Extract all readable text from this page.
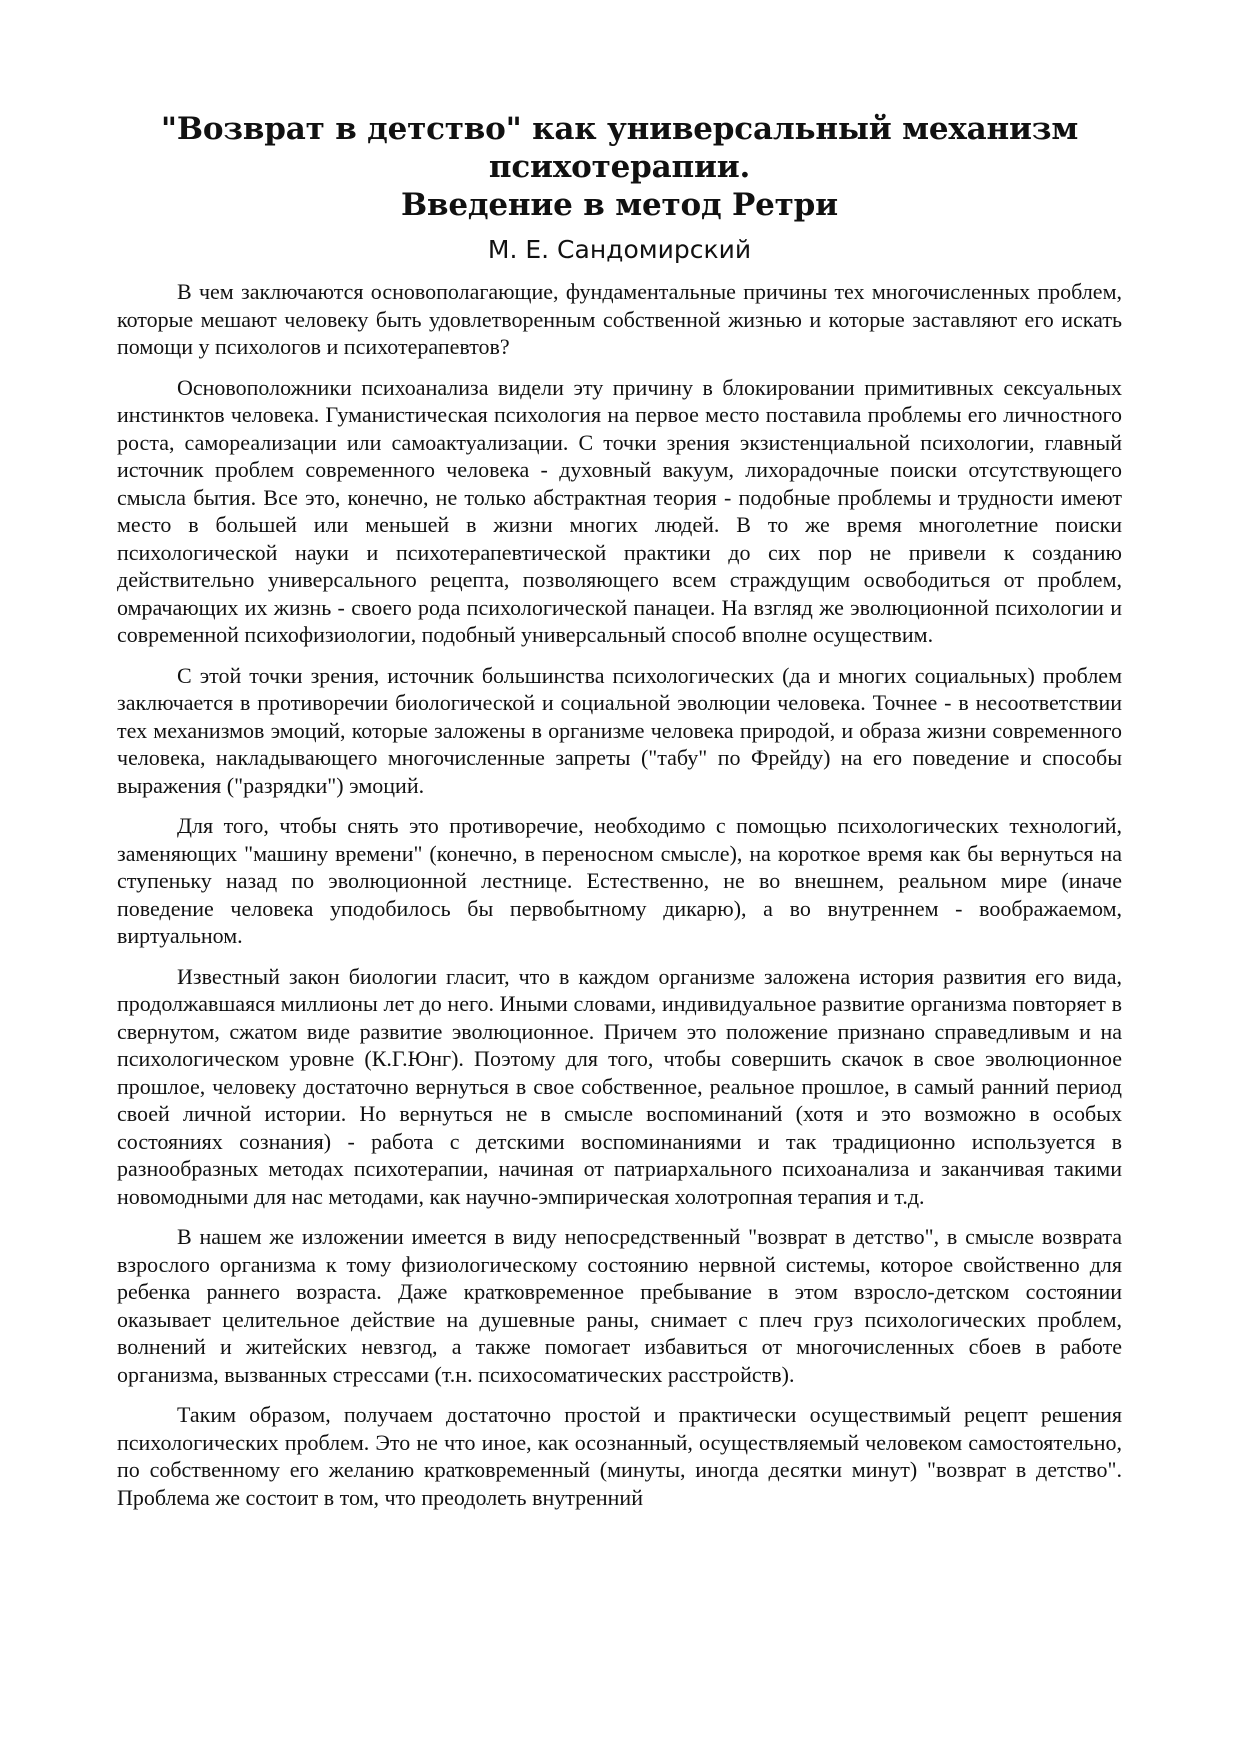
"Возврат в детство" как универсальный механизм психотерапии.
Введение в метод Ретри
М. Е. Сандомирский

В чем заключаются основополагающие, фундаментальные причины тех многочисленных проблем, которые мешают человеку быть удовлетворенным собственной жизнью и которые заставляют его искать помощи у психологов и психотерапевтов?

Основоположники психоанализа видели эту причину в блокировании примитивных сексуальных инстинктов человека. Гуманистическая психология на первое место поставила проблемы его личностного роста, самореализации или самоактуализации. С точки зрения экзистенциальной психологии, главный источник проблем современного человека - духовный вакуум, лихорадочные поиски отсутствующего смысла бытия. Все это, конечно, не только абстрактная теория - подобные проблемы и трудности имеют место в большей или меньшей в жизни многих людей. В то же время многолетние поиски психологической науки и психотерапевтической практики до сих пор не привели к созданию действительно универсального рецепта, позволяющего всем страждущим освободиться от проблем, омрачающих их жизнь - своего рода психологической панацеи. На взгляд же эволюционной психологии и современной психофизиологии, подобный универсальный способ вполне осуществим.

С этой точки зрения, источник большинства психологических (да и многих социальных) проблем заключается в противоречии биологической и социальной эволюции человека. Точнее - в несоответствии тех механизмов эмоций, которые заложены в организме человека природой, и образа жизни современного человека, накладывающего многочисленные запреты ("табу" по Фрейду) на его поведение и способы выражения ("разрядки") эмоций.

Для того, чтобы снять это противоречие, необходимо с помощью психологических технологий, заменяющих "машину времени" (конечно, в переносном смысле), на короткое время как бы вернуться на ступеньку назад по эволюционной лестнице. Естественно, не во внешнем, реальном мире (иначе поведение человека уподобилось бы первобытному дикарю), а во внутреннем - воображаемом, виртуальном.

Известный закон биологии гласит, что в каждом организме заложена история развития его вида, продолжавшаяся миллионы лет до него. Иными словами, индивидуальное развитие организма повторяет в свернутом, сжатом виде развитие эволюционное. Причем это положение признано справедливым и на психологическом уровне (К.Г.Юнг). Поэтому для того, чтобы совершить скачок в свое эволюционное прошлое, человеку достаточно вернуться в свое собственное, реальное прошлое, в самый ранний период своей личной истории. Но вернуться не в смысле воспоминаний (хотя и это возможно в особых состояниях сознания) - работа с детскими воспоминаниями и так традиционно используется в разнообразных методах психотерапии, начиная от патриархального психоанализа и заканчивая такими новомодными для нас методами, как научно-эмпирическая холотропная терапия и т.д.

В нашем же изложении имеется в виду непосредственный "возврат в детство", в смысле возврата взрослого организма к тому физиологическому состоянию нервной системы, которое свойственно для ребенка раннего возраста. Даже кратковременное пребывание в этом взросло-детском состоянии оказывает целительное действие на душевные раны, снимает с плеч груз психологических проблем, волнений и житейских невзгод, а также помогает избавиться от многочисленных сбоев в работе организма, вызванных стрессами (т.н. психосоматических расстройств).

Таким образом, получаем достаточно простой и практически осуществимый рецепт решения психологических проблем. Это не что иное, как осознанный, осуществляемый человеком самостоятельно, по собственному его желанию кратковременный (минуты, иногда десятки минут) "возврат в детство". Проблема же состоит в том, что преодолеть внутренний
